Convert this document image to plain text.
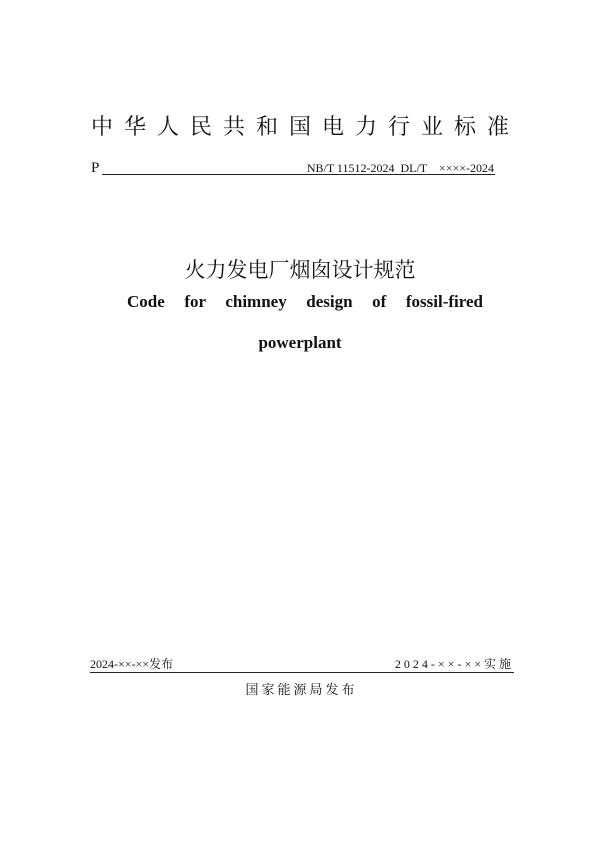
中华人民共和国电力行业标准
P	NB/T 11512-2024  DL/T    ××××-2024
火力发电厂烟囱设计规范
Code for chimney design of fossil-fired
powerplant
2024-××-××发布	2024-××-××实施
国家能源局发布
